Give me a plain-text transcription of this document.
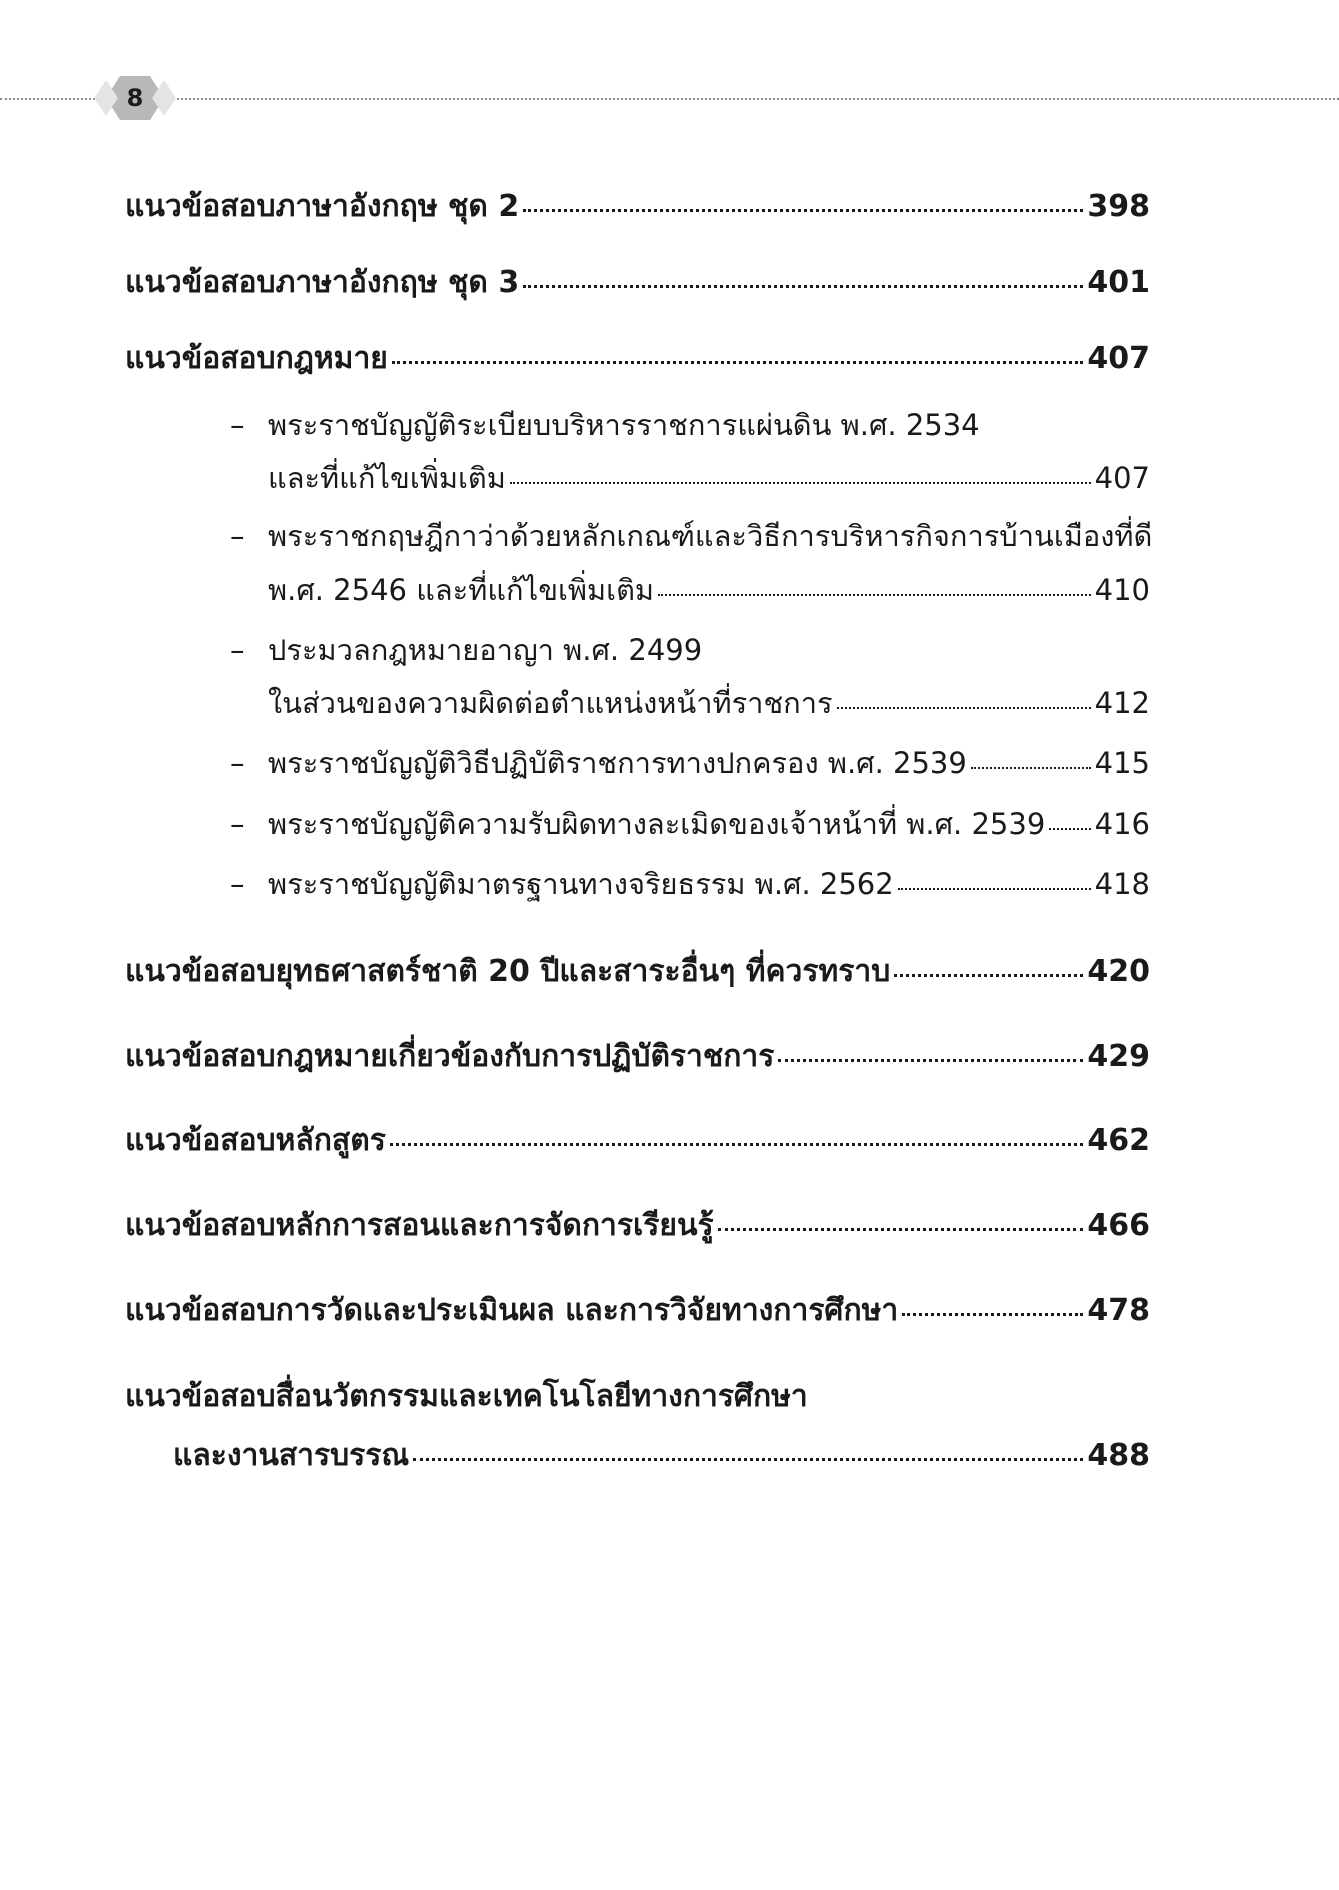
8
แนวข้อสอบภาษาอังกฤษ ชุด 2	398
แนวข้อสอบภาษาอังกฤษ ชุด 3	401
แนวข้อสอบกฎหมาย	407
– พระราชบัญญัติระเบียบบริหารราชการแผ่นดิน พ.ศ. 2534
และที่แก้ไขเพิ่มเติม	407
– พระราชกฤษฎีกาว่าด้วยหลักเกณฑ์และวิธีการบริหารกิจการบ้านเมืองที่ดี
พ.ศ. 2546 และที่แก้ไขเพิ่มเติม	410
– ประมวลกฎหมายอาญา พ.ศ. 2499
ในส่วนของความผิดต่อตำแหน่งหน้าที่ราชการ	412
– พระราชบัญญัติวิธีปฏิบัติราชการทางปกครอง พ.ศ. 2539	415
– พระราชบัญญัติความรับผิดทางละเมิดของเจ้าหน้าที่ พ.ศ. 2539 416
– พระราชบัญญัติมาตรฐานทางจริยธรรม พ.ศ. 2562	418
แนวข้อสอบยุทธศาสตร์ชาติ 20 ปีและสาระอื่นๆ ที่ควรทราบ	420
แนวข้อสอบกฎหมายเกี่ยวข้องกับการปฏิบัติราชการ	429
แนวข้อสอบหลักสูตร	462
แนวข้อสอบหลักการสอนและการจัดการเรียนรู้	466
แนวข้อสอบการวัดและประเมินผล และการวิจัยทางการศึกษา	478
แนวข้อสอบสื่อนวัตกรรมและเทคโนโลยีทางการศึกษา
และงานสารบรรณ	488
